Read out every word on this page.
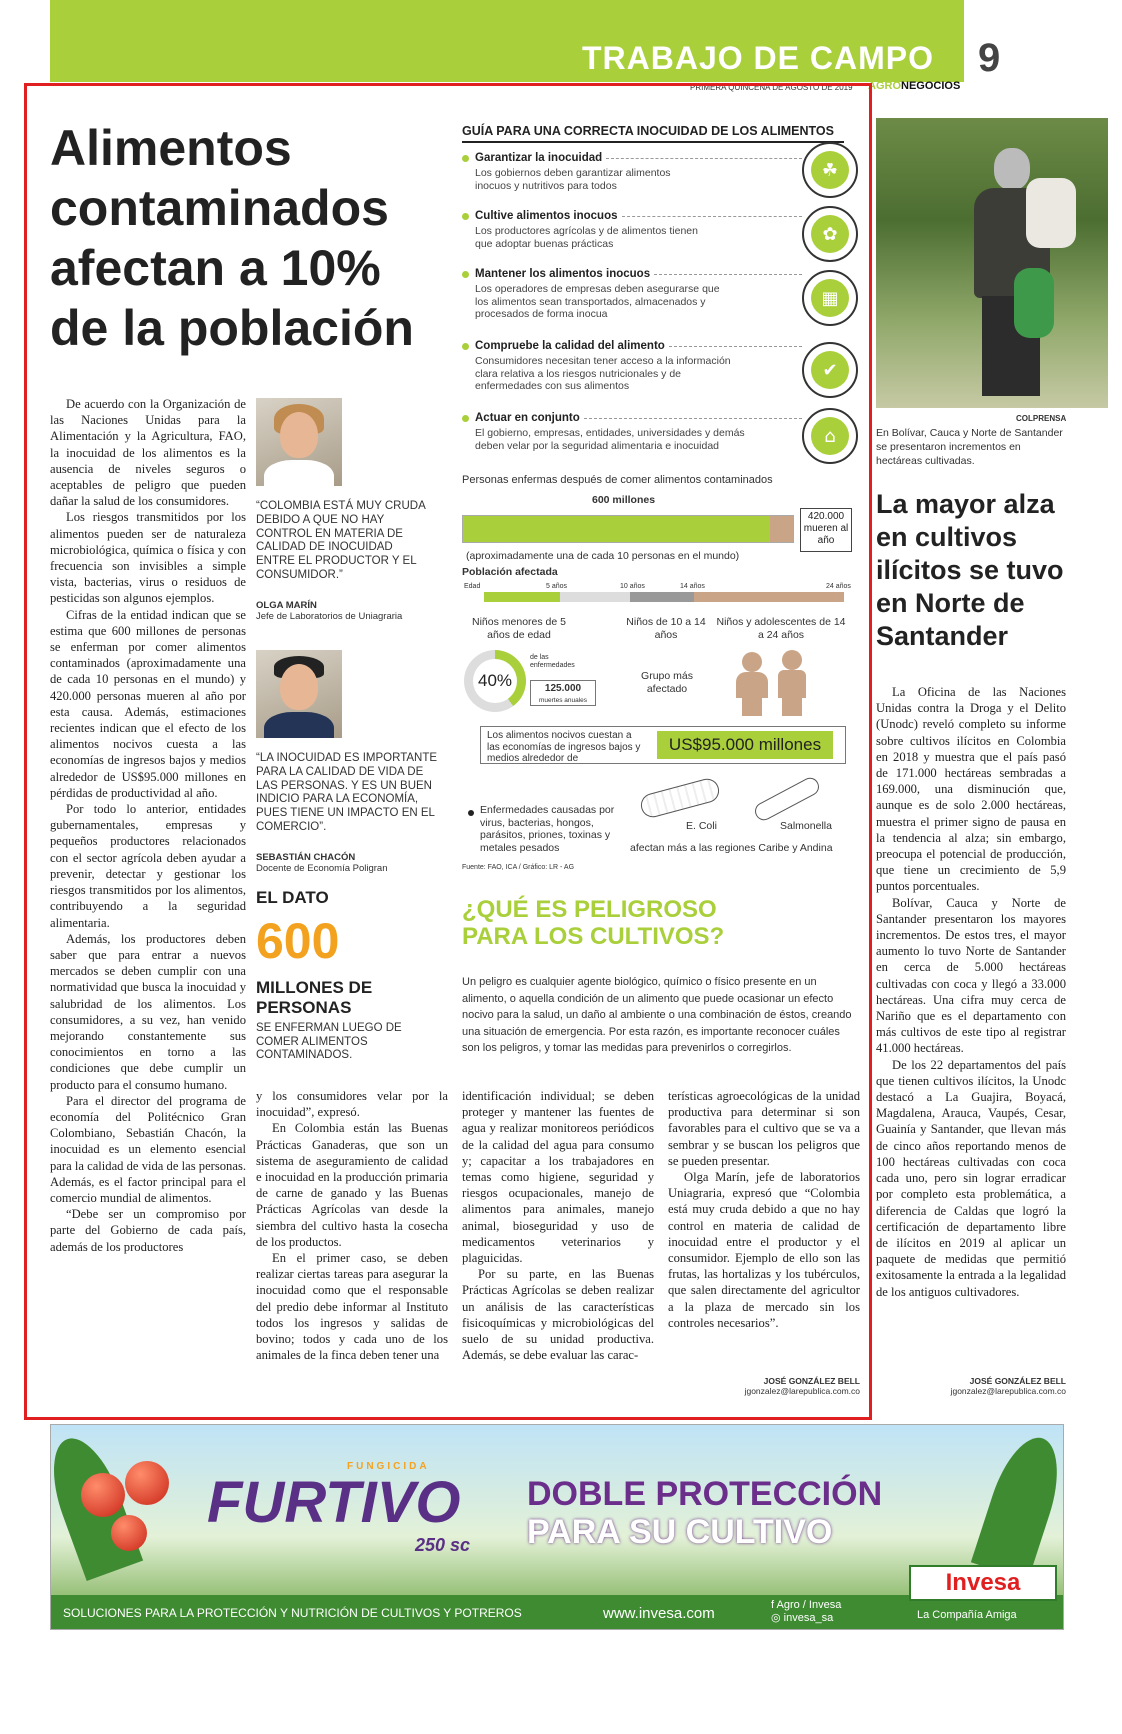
TRABAJO DE CAMPO 9
PRIMERA QUINCENA DE AGOSTO DE 2019 AGRONEGOCIOS
Alimentos contaminados afectan a 10% de la población

De acuerdo con la Organización de las Naciones Unidas para la Alimentación y la Agricultura, FAO, la inocuidad de los alimentos es la ausencia de niveles seguros o aceptables de peligro que pueden dañar la salud de los consumidores.

Los riesgos transmitidos por los alimentos pueden ser de naturaleza microbiológica, química o física y con frecuencia son invisibles a simple vista, bacterias, virus o residuos de pesticidas son algunos ejemplos.

Cifras de la entidad indican que se estima que 600 millones de personas se enferman por comer alimentos contaminados (aproximadamente una de cada 10 personas en el mundo) y 420.000 personas mueren al año por esta causa. Además, estimaciones recientes indican que el efecto de los alimentos nocivos cuesta a las economías de ingresos bajos y medios alrededor de US$95.000 millones en pérdidas de productividad al año.

Por todo lo anterior, entidades gubernamentales, empresas y pequeños productores relacionados con el sector agrícola deben ayudar a prevenir, detectar y gestionar los riesgos transmitidos por los alimentos, contribuyendo a la seguridad alimentaria.

Además, los productores deben saber que para entrar a nuevos mercados se deben cumplir con una normatividad que busca la inocuidad y salubridad de los alimentos. Los consumidores, a su vez, han venido mejorando constantemente sus conocimientos en torno a las condiciones que debe cumplir un producto para el consumo humano.

Para el director del programa de economía del Politécnico Gran Colombiano, Sebastián Chacón, la inocuidad es un elemento esencial para la calidad de vida de las personas. Además, es el factor principal para el comercio mundial de alimentos.

“Debe ser un compromiso por parte del Gobierno de cada país, además de los productores

“COLOMBIA ESTÁ MUY CRUDA DEBIDO A QUE NO HAY CONTROL EN MATERIA DE CALIDAD DE INOCUIDAD ENTRE EL PRODUCTOR Y EL CONSUMIDOR.”
OLGA MARÍN
Jefe de Laboratorios de Uniagraria
“LA INOCUIDAD ES IMPORTANTE PARA LA CALIDAD DE VIDA DE LAS PERSONAS. Y ES UN BUEN INDICIO PARA LA ECONOMÍA, PUES TIENE UN IMPACTO EN EL COMERCIO”.
SEBASTIÁN CHACÓN
Docente de Economía Poligran
EL DATO
600
MILLONES DE PERSONAS
SE ENFERMAN LUEGO DE COMER ALIMENTOS CONTAMINADOS.

y los consumidores velar por la inocuidad”, expresó.

En Colombia están las Buenas Prácticas Ganaderas, que son un sistema de aseguramiento de calidad e inocuidad en la producción primaria de carne de ganado y las Buenas Prácticas Agrícolas van desde la siembra del cultivo hasta la cosecha de los productos.

En el primer caso, se deben realizar ciertas tareas para asegurar la inocuidad como que el responsable del predio debe informar al Instituto todos los ingresos y salidas de bovino; todos y cada uno de los animales de la finca deben tener una

GUÍA PARA UNA CORRECTA INOCUIDAD DE LOS ALIMENTOS
Garantizar la inocuidad
Los gobiernos deben garantizar alimentos inocuos y nutritivos para todos
☘
Cultive alimentos inocuos
Los productores agrícolas y de alimentos tienen que adoptar buenas prácticas	✿
Mantener los alimentos inocuos
Los operadores de empresas deben asegurarse que los alimentos sean transportados, almacenados y procesados de forma inocua
▦
Compruebe la calidad del alimento
Consumidores necesitan tener acceso a la información clara relativa a los riesgos nutricionales y de enfermedades con sus alimentos
✔
Actuar en conjunto
El gobierno, empresas, entidades, universidades y demás deben velar por la seguridad alimentaria e inocuidad	⌂
Personas enfermas después de comer alimentos contaminados
600 millones
420.000 mueren al año
(aproximadamente una de cada 10 personas en el mundo)
Población afectada
Edad	5 años	10 años	14 años	24 años
Niños menores de 5 años de edad
Niños de 10 a 14 años
Niños y adolescentes de 14 a 24 años
40%
de las enfermedades
125.000
muertes anuales
Grupo más afectado
Los alimentos nocivos cuestan a las economías de ingresos bajos y medios alrededor de
US$95.000 millones
Enfermedades causadas por virus, bacterias, hongos, parásitos, priones, toxinas y metales pesados
E. Coli	Salmonella
afectan más a las regiones Caribe y Andina
Fuente: FAO, ICA / Gráfico: LR - AG
¿QUÉ ES PELIGROSO PARA LOS CULTIVOS?
Un peligro es cualquier agente biológico, químico o físico presente en un alimento, o aquella condición de un alimento que puede ocasionar un efecto nocivo para la salud, un daño al ambiente o una combinación de éstos, creando una situación de emergencia. Por esta razón, es importante reconocer cuáles son los peligros, y tomar las medidas para prevenirlos o corregirlos.

identificación individual; se deben proteger y mantener las fuentes de agua y realizar monitoreos periódicos de la calidad del agua para consumo y; capacitar a los trabajadores en temas como higiene, seguridad y riesgos ocupacionales, manejo de alimentos para animales, manejo animal, bioseguridad y uso de medicamentos veterinarios y plaguicidas.

Por su parte, en las Buenas Prácticas Agrícolas se deben realizar un análisis de las características fisicoquímicas y microbiológicas del suelo de su unidad productiva. Además, se debe evaluar las carac-

terísticas agroecológicas de la unidad productiva para determinar si son favorables para el cultivo que se va a sembrar y se buscan los peligros que se pueden presentar.

Olga Marín, jefe de laboratorios Uniagraria, expresó que “Colombia está muy cruda debido a que no hay control en materia de calidad de inocuidad entre el productor y el consumidor. Ejemplo de ello son las frutas, las hortalizas y los tubérculos, que salen directamente del agricultor a la plaza de mercado sin los controles necesarios”.

JOSÉ GONZÁLEZ BELL
jgonzalez@larepublica.com.co
COLPRENSA
En Bolívar, Cauca y Norte de Santander se presentaron incrementos en hectáreas cultivadas.
La mayor alza en cultivos ilícitos se tuvo en Norte de Santander

La Oficina de las Naciones Unidas contra la Droga y el Delito (Unodc) reveló completo su informe sobre cultivos ilícitos en Colombia en 2018 y muestra que el país pasó de 171.000 hectáreas sembradas a 169.000, una disminución que, aunque es de solo 2.000 hectáreas, muestra el primer signo de pausa en la tendencia al alza; sin embargo, preocupa el potencial de producción, que tiene un crecimiento de 5,9 puntos porcentuales.

Bolívar, Cauca y Norte de Santander presentaron los mayores incrementos. De estos tres, el mayor aumento lo tuvo Norte de Santander en cerca de 5.000 hectáreas cultivadas con coca y llegó a 33.000 hectáreas. Una cifra muy cerca de Nariño que es el departamento con más cultivos de este tipo al registrar 41.000 hectáreas.

De los 22 departamentos del país que tienen cultivos ilícitos, la Unodc destacó a La Guajira, Boyacá, Magdalena, Arauca, Vaupés, Cesar, Guainía y Santander, que llevan más de cinco años reportando menos de 100 hectáreas cultivadas con coca cada uno, pero sin lograr erradicar por completo esta problemática, a diferencia de Caldas que logró la certificación de departamento libre de ilícitos en 2019 al aplicar un paquete de medidas que permitió exitosamente la entrada a la legalidad de los antiguos cultivadores.

JOSÉ GONZÁLEZ BELL
jgonzalez@larepublica.com.co
FUNGICIDA
FURTIVO
250 sc
DOBLE PROTECCIÓN
PARA SU CULTIVO
SOLUCIONES PARA LA PROTECCIÓN Y NUTRICIÓN DE CULTIVOS Y POTREROS	www.invesa.com	f Agro / Invesa
◎ invesa_sa
Invesa
La Compañía Amiga
